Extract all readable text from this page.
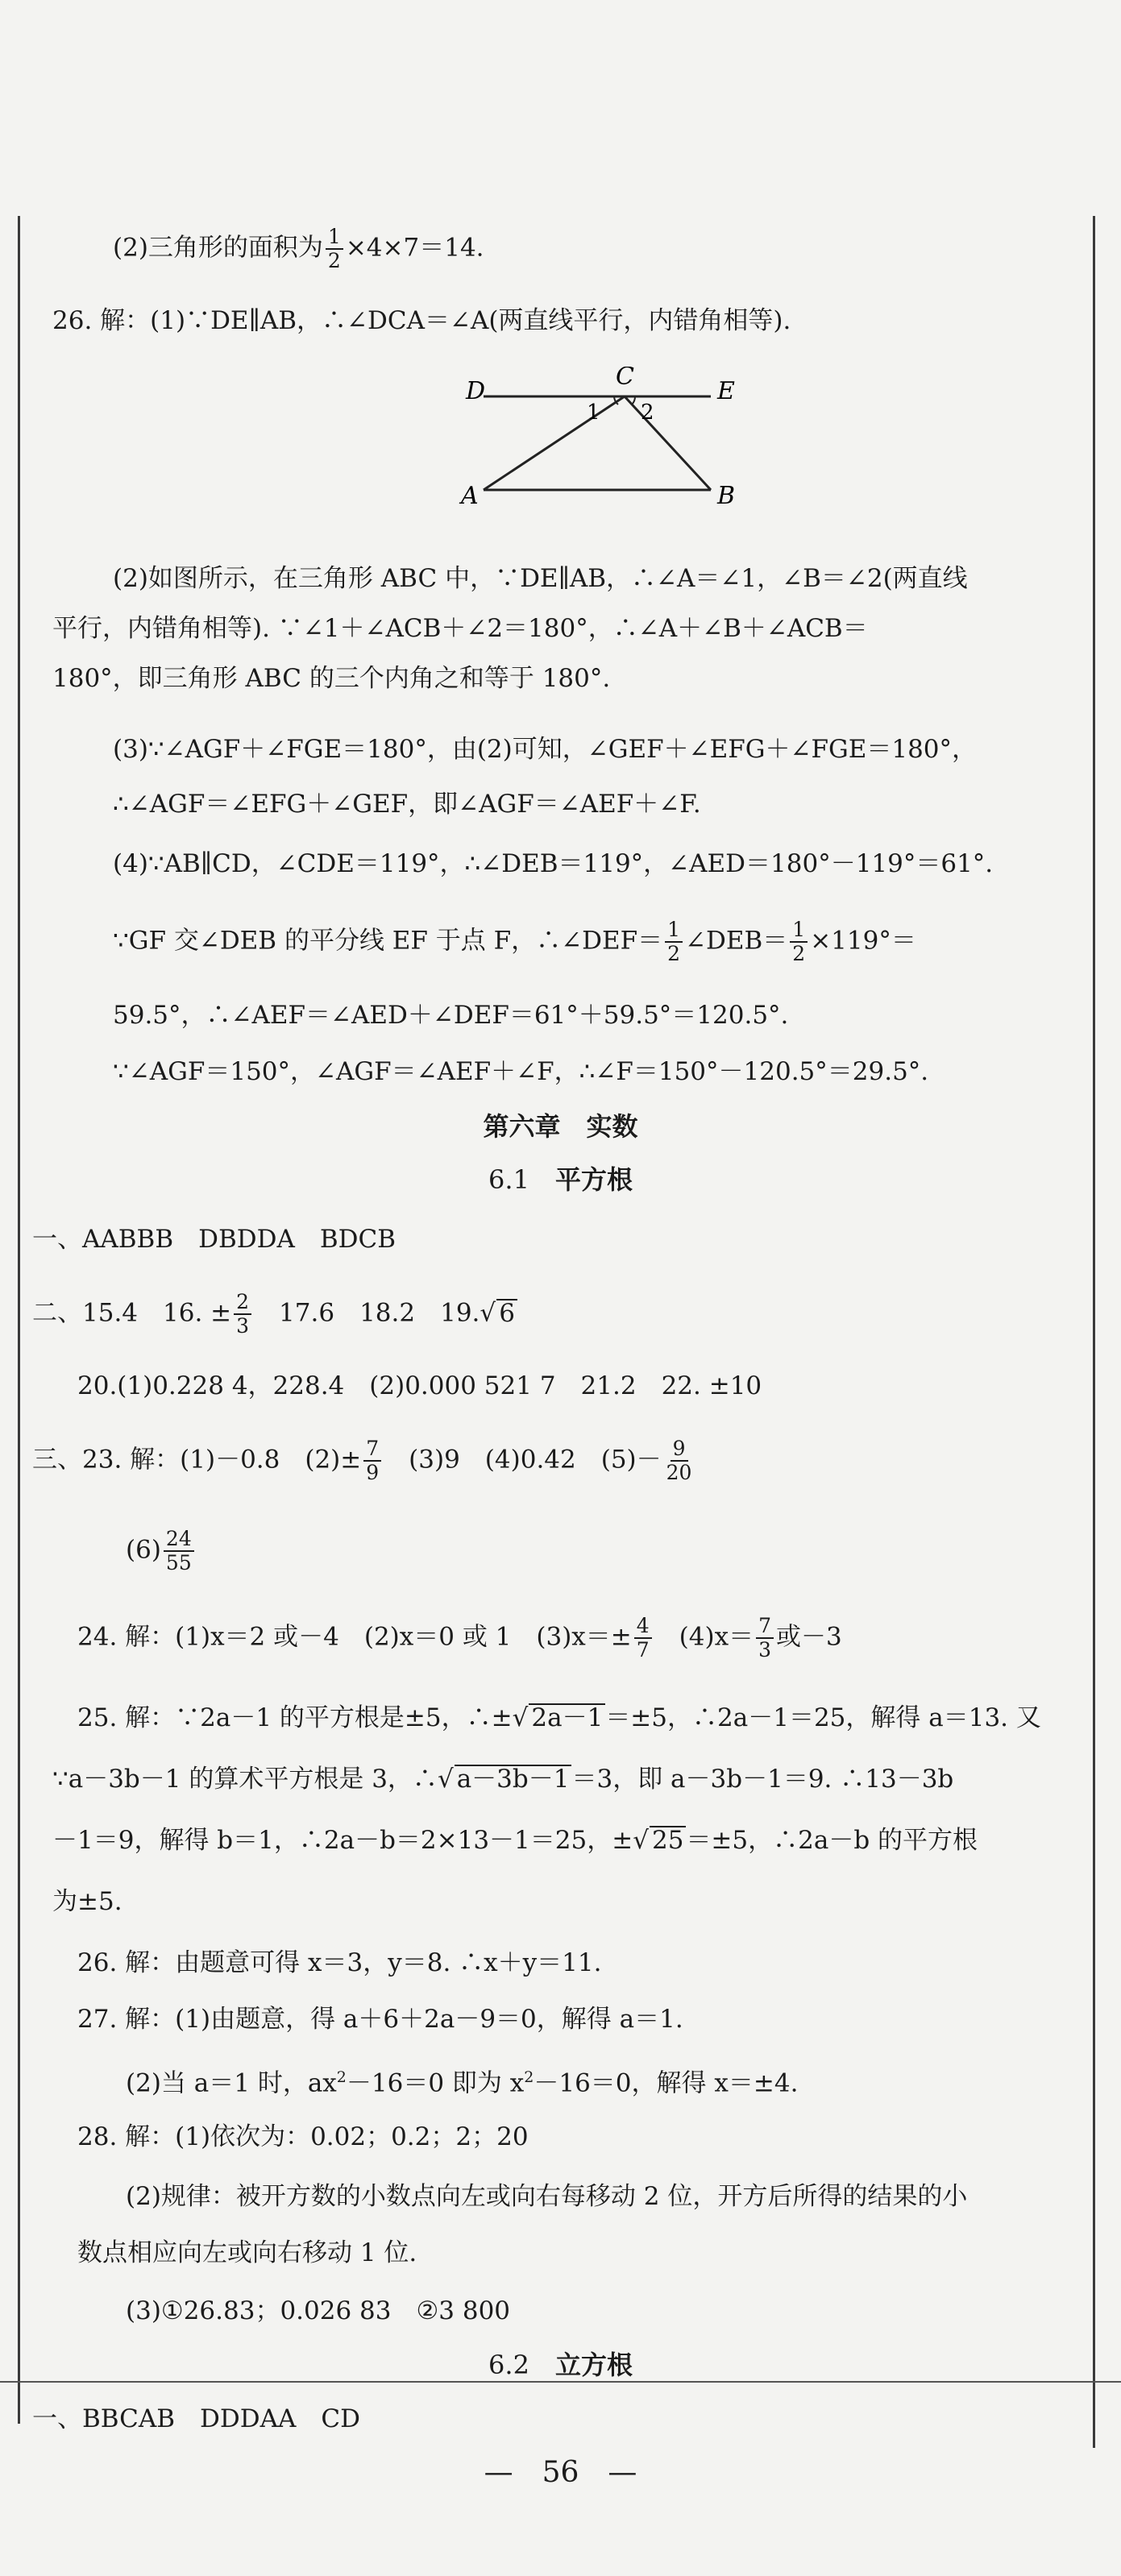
(2)三角形的面积为 $\frac{1}{2} \times 4\times 7=14$.
26. 解：(1)∵DE∥AB，∴∠DCA＝∠A(两直线平行，内错角相等).
D
C
E
A	B
1 2
(2)如图所示，在三角形 ABC 中，∵DE∥AB，∴∠A＝∠1，∠B＝∠2(两直线
平行，内错角相等). ∵∠1＋∠ACB＋∠2＝180°，∴∠A＋∠B＋∠ACB＝
180°，即三角形 ABC 的三个内角之和等于 180°.
(3)∵∠AGF＋∠FGE＝180°，由(2)可知，∠GEF＋∠EFG＋∠FGE＝180°，
∴∠AGF＝∠EFG＋∠GEF，即∠AGF＝∠AEF＋∠F.
(4)∵AB∥CD，∠CDE＝119°，∴∠DEB＝119°，∠AED＝180°－119°＝61°.
∵GF 交∠DEB 的平分线 EF 于点 F，∴∠DEF＝ $\frac{1}{2}$ ∠DEB＝ $\frac{1}{2} \times 119^\circ=$
59.5°，∴∠AEF＝∠AED＋∠DEF＝61°＋59.5°＝120.5°.
∵∠AGF＝150°，∠AGF＝∠AEF＋∠F，∴∠F＝150°－120.5°＝29.5°.
第六章　实数
6.1　 平方根
一、AABBB　DBDDA　BDCB
二、15.4　16. ± $\frac{2}{3}$ 　17.6　18.2　19.√ 6
20.(1)0.228 4，228.4　(2)0.000 521 7　21.2　22. ±10
三、23. 解：(1)－0.8　$(2)\pm \frac{7}{9}$ 　(3)9　(4)0.42　$(5)- \frac{9}{20}$
$(6) \frac{24}{55}$
24. 解：(1)x＝2 或－4　(2)x＝0 或 1　$(3)x=\pm \frac{4}{7}$ 　$(4)x= \frac{7}{3}$ 或－3
25. 解：∵2a－1 的平方根是±5，∴±√ 2a－1＝±5，∴2a－1＝25，解得 a＝13. 又
∵a－3b－1 的算术平方根是 3，∴√ a－3b－1＝3，即 a－3b－1＝9. ∴13－3b
－1＝9，解得 b＝1，∴2a－b＝2×13－1＝25，±√ 25＝±5，∴2a－b 的平方根
为±5.
26. 解：由题意可得 x＝3，y＝8. ∴x＋y＝11.
27. 解：(1)由题意，得 a＋6＋2a－9＝0，解得 a＝1.
(2)当 a＝1 时，$ax^2-16=0$ 即为 $x^2-16=0$，解得 x＝±4.
28. 解：(1)依次为：0.02；0.2；2；20
(2)规律：被开方数的小数点向左或向右每移动 2 位，开方后所得的结果的小
数点相应向左或向右移动 1 位.
(3)①26.83；0.026 83　②3 800
6.2　 立方根
一、BBCAB　DDDAA　CD
—　56　—
